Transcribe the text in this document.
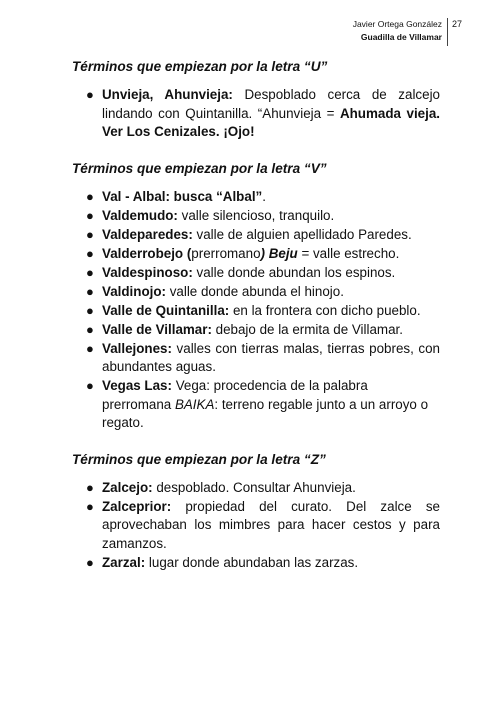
Javier Ortega González
Guadilla de Villamar
27
Términos que empiezan por la letra “U”
● Unvieja, Ahunvieja: Despoblado cerca de zalcejo lindando con Quintanilla. “Ahunvieja = Ahumada vieja. Ver Los Cenizales. ¡Ojo!
Términos que empiezan por la letra “V”
● Val - Albal: busca “Albal”.
● Valdemudo: valle silencioso, tranquilo.
● Valdeparedes: valle de alguien apellidado Paredes.
● Valderrobejo (prerromano) Beju = valle estrecho.
● Valdespinoso: valle donde abundan los espinos.
● Valdinojo: valle donde abunda el hinojo.
● Valle de Quintanilla: en la frontera con dicho pueblo.
● Valle de Villamar: debajo de la ermita de Villamar.
● Vallejones: valles con tierras malas, tierras pobres, con abundantes aguas.
● Vegas Las: Vega: procedencia de la palabra prerromana BAIKA: terreno regable junto a un arroyo o regato.
Términos que empiezan por la letra “Z”
● Zalcejo: despoblado. Consultar Ahunvieja.
● Zalceprior: propiedad del curato. Del zalce se aprovechaban los mimbres para hacer cestos y para zamanzos.
● Zarzal: lugar donde abundaban las zarzas.
